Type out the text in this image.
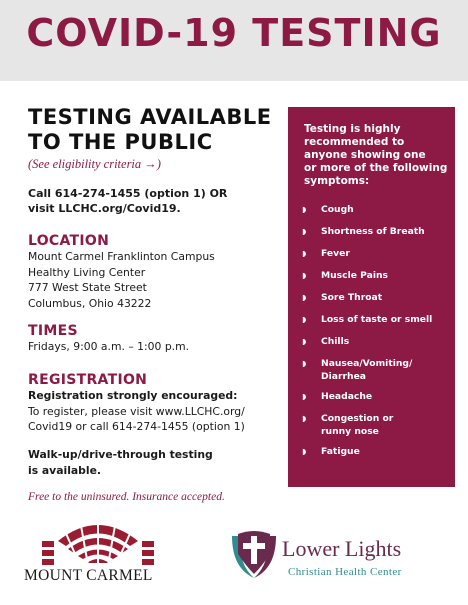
COVID-19 TESTING
TESTING AVAILABLE
TO THE PUBLIC
(See eligibility criteria →)
Call 614-274-1455 (option 1) OR
visit LLCHC.org/Covid19.
LOCATION
Mount Carmel Franklinton Campus
Healthy Living Center
777 West State Street
Columbus, Ohio 43222
TIMES
Fridays, 9:00 a.m. – 1:00 p.m.
REGISTRATION
Registration strongly encouraged:
To register, please visit www.LLCHC.org/
Covid19 or call 614-274-1455 (option 1)
Walk-up/drive-through testing
is available.
Free to the uninsured. Insurance accepted.
Testing is highly
recommended to
anyone showing one
or more of the following
symptoms:
◗ Cough
◗ Shortness of Breath
◗ Fever
◗ Muscle Pains
◗ Sore Throat
◗ Loss of taste or smell
◗ Chills
◗ Nausea/Vomiting/
Diarrhea
◗ Headache
◗ Congestion or
runny nose
◗ Fatigue
MOUNT CARMEL
Lower Lights
Christian Health Center
